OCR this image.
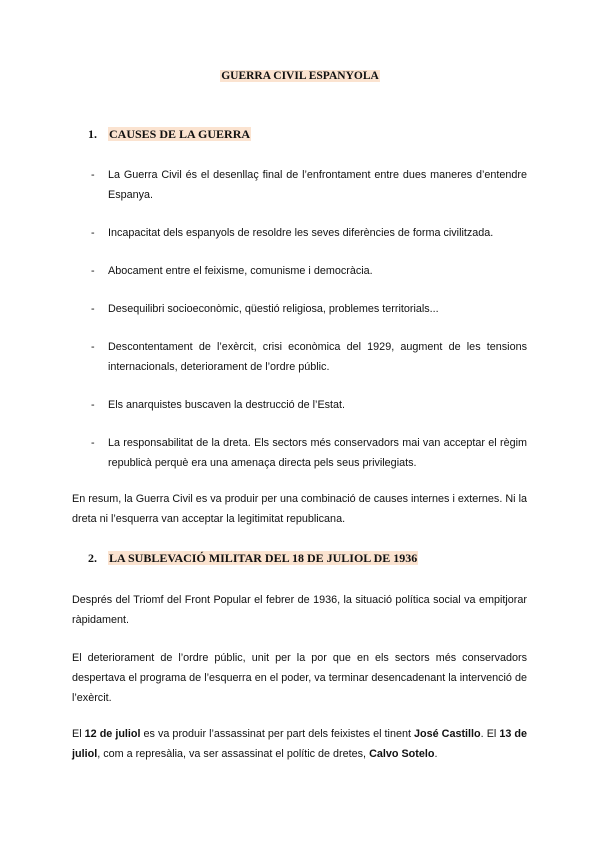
GUERRA CIVIL ESPANYOLA
1. CAUSES DE LA GUERRA
- La Guerra Civil és el desenllaç final de l’enfrontament entre dues maneres d’entendre Espanya.
- Incapacitat dels espanyols de resoldre les seves diferències de forma civilitzada.
- Abocament entre el feixisme, comunisme i democràcia.
- Desequilibri socioeconòmic, qüestió religiosa, problemes territorials...
- Descontentament de l’exèrcit, crisi econòmica del 1929, augment de les tensions internacionals, deteriorament de l’ordre públic.
- Els anarquistes buscaven la destrucció de l’Estat.
- La responsabilitat de la dreta. Els sectors més conservadors mai van acceptar el règim republicà perquè era una amenaça directa pels seus privilegiats.
En resum, la Guerra Civil es va produir per una combinació de causes internes i externes. Ni la dreta ni l’esquerra van acceptar la legitimitat republicana.
2. LA SUBLEVACIÓ MILITAR DEL 18 DE JULIOL DE 1936
Després del Triomf del Front Popular el febrer de 1936, la situació política social va empitjorar ràpidament.
El deteriorament de l’ordre públic, unit per la por que en els sectors més conservadors despertava el programa de l’esquerra en el poder, va terminar desencadenant la intervenció de l’exèrcit.
El 12 de juliol es va produir l’assassinat per part dels feixistes el tinent José Castillo. El 13 de juliol, com a represàlia, va ser assassinat el polític de dretes, Calvo Sotelo.
